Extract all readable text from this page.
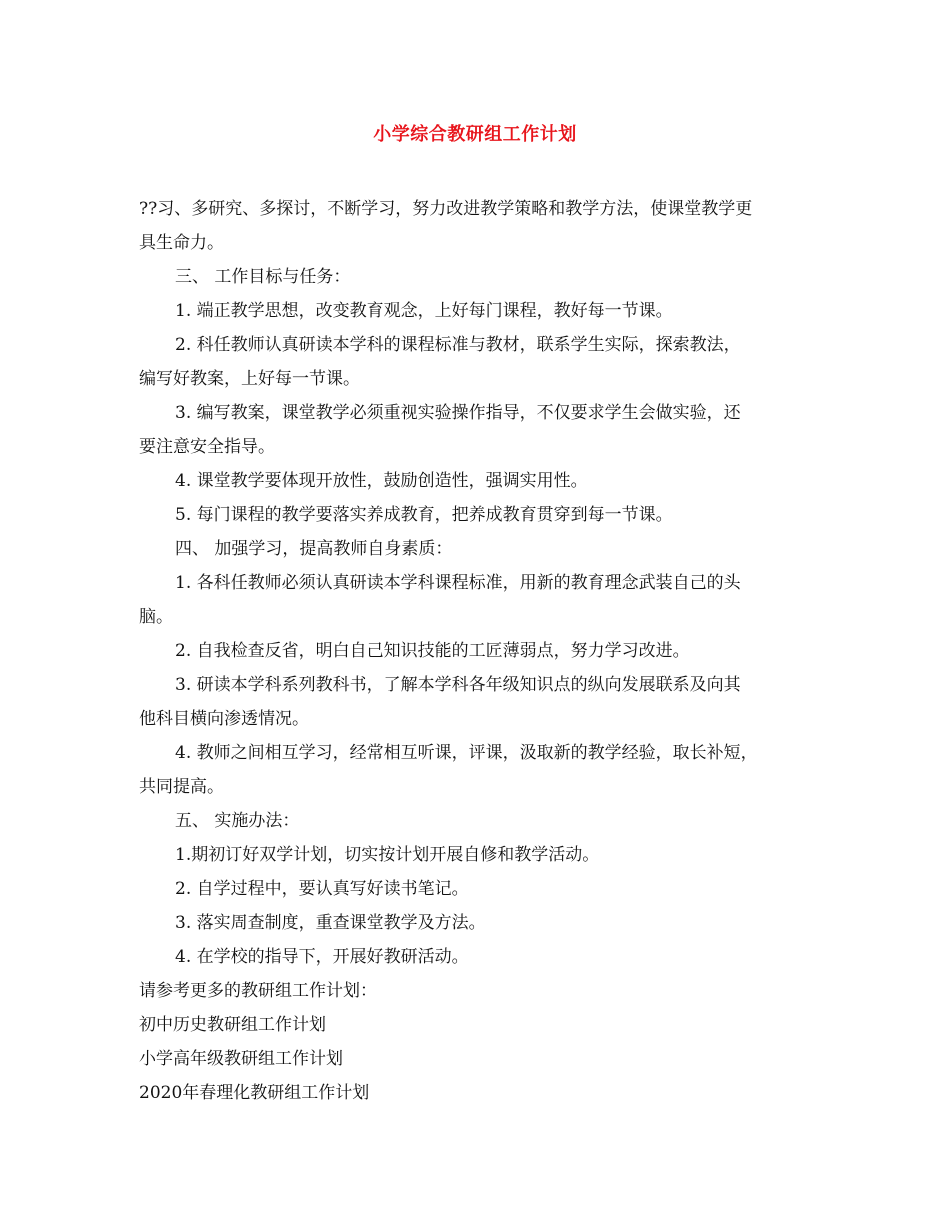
小学综合教研组工作计划
??习、多研究、多探讨，不断学习，努力改进教学策略和教学方法，使课堂教学更
具生命力。
三、 工作目标与任务：
1. 端正教学思想，改变教育观念，上好每门课程，教好每一节课。
2. 科任教师认真研读本学科的课程标准与教材，联系学生实际，探索教法，
编写好教案，上好每一节课。
3. 编写教案，课堂教学必须重视实验操作指导，不仅要求学生会做实验，还
要注意安全指导。
4. 课堂教学要体现开放性，鼓励创造性，强调实用性。
5. 每门课程的教学要落实养成教育，把养成教育贯穿到每一节课。
四、 加强学习，提高教师自身素质：
1. 各科任教师必须认真研读本学科课程标准，用新的教育理念武装自己的头
脑。
2. 自我检查反省，明白自己知识技能的工匠薄弱点，努力学习改进。
3. 研读本学科系列教科书，了解本学科各年级知识点的纵向发展联系及向其
他科目横向渗透情况。
4. 教师之间相互学习，经常相互听课，评课，汲取新的教学经验，取长补短，
共同提高。
五、 实施办法：
1.期初订好双学计划，切实按计划开展自修和教学活动。
2. 自学过程中，要认真写好读书笔记。
3. 落实周查制度，重查课堂教学及方法。
4. 在学校的指导下，开展好教研活动。
请参考更多的教研组工作计划：
初中历史教研组工作计划
小学高年级教研组工作计划
2020年春理化教研组工作计划
